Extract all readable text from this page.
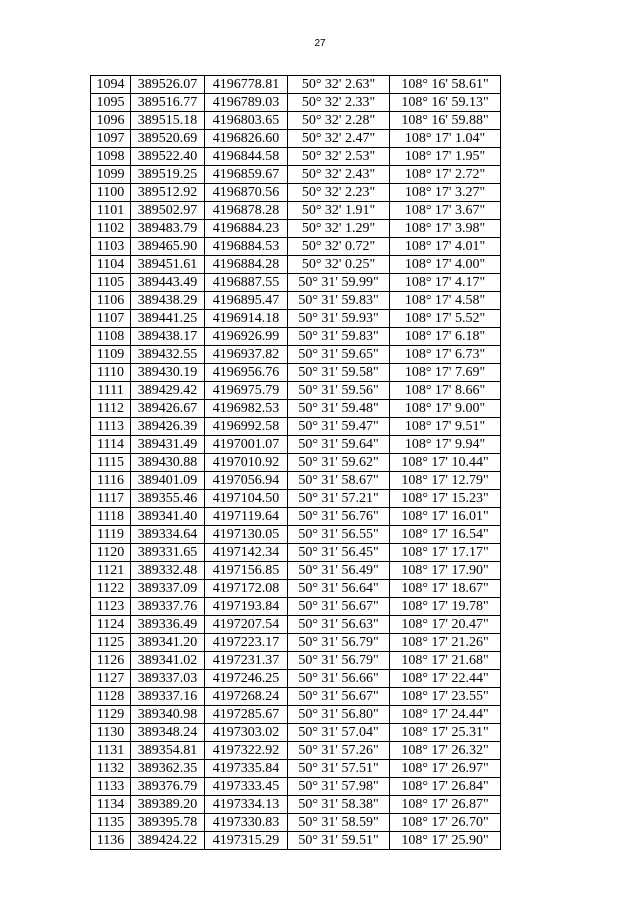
27
1094	389526.07	4196778.81	50° 32' 2.63"	108° 16' 58.61"
1095	389516.77	4196789.03	50° 32' 2.33"	108° 16' 59.13"
1096	389515.18	4196803.65	50° 32' 2.28"	108° 16' 59.88"
1097	389520.69	4196826.60	50° 32' 2.47"	108° 17' 1.04"
1098	389522.40	4196844.58	50° 32' 2.53"	108° 17' 1.95"
1099	389519.25	4196859.67	50° 32' 2.43"	108° 17' 2.72"
1100	389512.92	4196870.56	50° 32' 2.23"	108° 17' 3.27"
1101	389502.97	4196878.28	50° 32' 1.91"	108° 17' 3.67"
1102	389483.79	4196884.23	50° 32' 1.29"	108° 17' 3.98"
1103	389465.90	4196884.53	50° 32' 0.72"	108° 17' 4.01"
1104	389451.61	4196884.28	50° 32' 0.25"	108° 17' 4.00"
1105	389443.49	4196887.55	50° 31' 59.99"	108° 17' 4.17"
1106	389438.29	4196895.47	50° 31' 59.83"	108° 17' 4.58"
1107	389441.25	4196914.18	50° 31' 59.93"	108° 17' 5.52"
1108	389438.17	4196926.99	50° 31' 59.83"	108° 17' 6.18"
1109	389432.55	4196937.82	50° 31' 59.65"	108° 17' 6.73"
1110	389430.19	4196956.76	50° 31' 59.58"	108° 17' 7.69"
1111	389429.42	4196975.79	50° 31' 59.56"	108° 17' 8.66"
1112	389426.67	4196982.53	50° 31' 59.48"	108° 17' 9.00"
1113	389426.39	4196992.58	50° 31' 59.47"	108° 17' 9.51"
1114	389431.49	4197001.07	50° 31' 59.64"	108° 17' 9.94"
1115	389430.88	4197010.92	50° 31' 59.62"	108° 17' 10.44"
1116	389401.09	4197056.94	50° 31' 58.67"	108° 17' 12.79"
1117	389355.46	4197104.50	50° 31' 57.21"	108° 17' 15.23"
1118	389341.40	4197119.64	50° 31' 56.76"	108° 17' 16.01"
1119	389334.64	4197130.05	50° 31' 56.55"	108° 17' 16.54"
1120	389331.65	4197142.34	50° 31' 56.45"	108° 17' 17.17"
1121	389332.48	4197156.85	50° 31' 56.49"	108° 17' 17.90"
1122	389337.09	4197172.08	50° 31' 56.64"	108° 17' 18.67"
1123	389337.76	4197193.84	50° 31' 56.67"	108° 17' 19.78"
1124	389336.49	4197207.54	50° 31' 56.63"	108° 17' 20.47"
1125	389341.20	4197223.17	50° 31' 56.79"	108° 17' 21.26"
1126	389341.02	4197231.37	50° 31' 56.79"	108° 17' 21.68"
1127	389337.03	4197246.25	50° 31' 56.66"	108° 17' 22.44"
1128	389337.16	4197268.24	50° 31' 56.67"	108° 17' 23.55"
1129	389340.98	4197285.67	50° 31' 56.80"	108° 17' 24.44"
1130	389348.24	4197303.02	50° 31' 57.04"	108° 17' 25.31"
1131	389354.81	4197322.92	50° 31' 57.26"	108° 17' 26.32"
1132	389362.35	4197335.84	50° 31' 57.51"	108° 17' 26.97"
1133	389376.79	4197333.45	50° 31' 57.98"	108° 17' 26.84"
1134	389389.20	4197334.13	50° 31' 58.38"	108° 17' 26.87"
1135	389395.78	4197330.83	50° 31' 58.59"	108° 17' 26.70"
1136	389424.22	4197315.29	50° 31' 59.51"	108° 17' 25.90"
